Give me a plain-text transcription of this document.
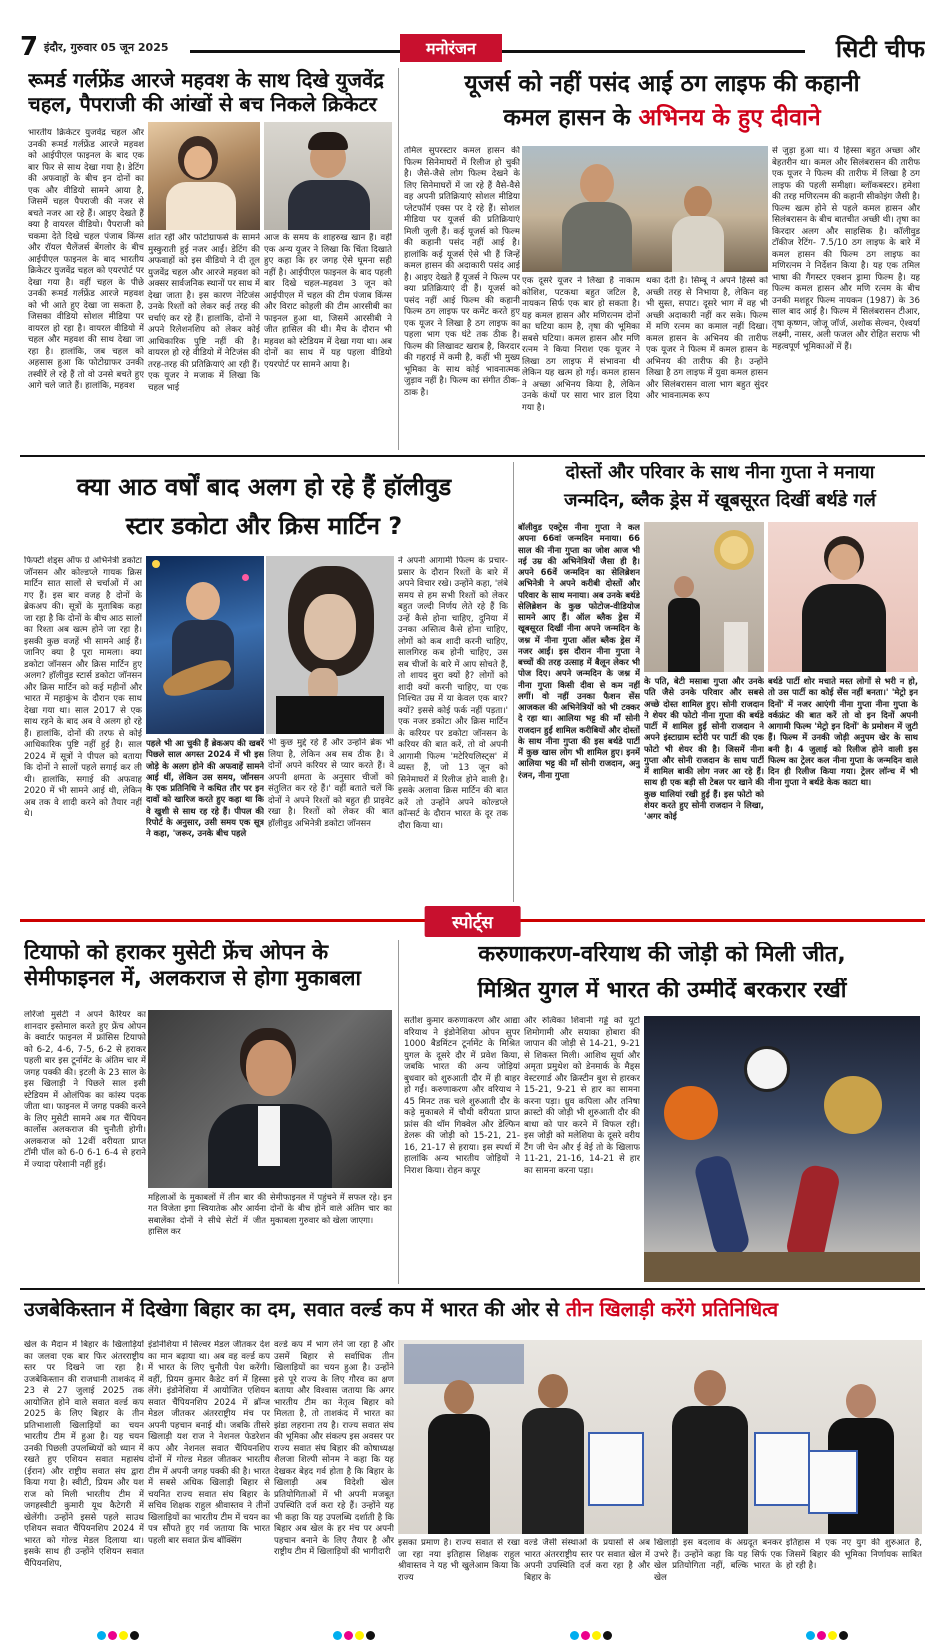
7 इंदौर, गुरुवार 05 जून 2025	मनोरंजन	सिटी चीफ
रूमर्ड गर्लफ्रेंड आरजे महवश के साथ दिखे युजवेंद्र चहल, पैपराजी की आंखों से बच निकले क्रिकेटर
भारतीय क्रिकेटर युजवेंद्र चहल और उनकी रूमर्ड गर्लफ्रेंड आरजे महवश को आईपीएल फाइनल के बाद एक बार फिर से साथ देखा गया है। डेटिंग की अफवाहों के बीच इन दोनों का एक और वीडियो सामने आया है, जिसमें चहल पैपराजी की नजर से बचते नजर आ रहे हैं। आइए देखते हैं क्या है वायरल वीडियो। पैपराजी को चकमा देते दिखे चहल पंजाब किंग्स और रॉयल चैलेंजर्स बेंगलोर के बीच आईपीएल फाइनल के बाद भारतीय क्रिकेटर युजवेंद्र चहल को एयरपोर्ट पर देखा गया है। वहीं चहल के पीछे उनकी रूमर्ड गर्लफ्रेंड आरजे महवश को भी आते हुए देखा जा सकता है, जिसका वीडियो सोशल मीडिया पर वायरल हो रहा है। वायरल वीडियो में चहल और महवश की साथ देखा जा रहा है। हालांकि, जब चहल को अहसास हुआ कि फोटोग्राफर उनकी तस्वीरें ले रहे हैं तो वो उनसे बचते हुए आगे चले जाते हैं। हालांकि, महवश
शांत रहीं और फोटोग्राफर्स के सामने मुस्कुराती हुई नजर आईं। डेटिंग की अफवाहों को इस वीडियो ने दी तूल युजवेंद्र चहल और आरजे महवश को अक्सर सार्वजनिक स्थानों पर साथ में देखा जाता है। इस कारण नेटिजंस उनके रिश्तों को लेकर कई तरह की चर्चाएं कर रहे हैं। हालांकि, दोनों ने अपने रिलेशनशिप को लेकर कोई आधिकारिक पुष्टि नहीं की है। वायरल हो रहे वीडियो में नेटिजंस की तरह-तरह की प्रतिक्रियाएं आ रही हैं। एक यूजर ने मजाक में लिखा कि चहल भाई
आज के समय के शाहरुख खान हैं। वहीं एक अन्य यूजर ने लिखा कि चिंता दिखाते हुए कहा कि हर जगह ऐसे घूमना सही नहीं है। आईपीएल फाइनल के बाद पहली बार दिखे चहल-महवश 3 जून को आईपीएल में चहल की टीम पंजाब किंग्स और विराट कोहली की टीम आरसीबी का फाइनल हुआ था, जिसमें आरसीबी ने जीत हासिल की थी। मैच के दौरान भी महवश को स्टेडियम में देखा गया था। अब दोनों का साथ में यह पहला वीडियो एयरपोर्ट पर सामने आया है।
यूजर्स को नहीं पसंद आई ठग लाइफ की कहानी
कमल हासन के अभिनय के हुए दीवाने
तमिल सुपरस्टार कमल हासन की फिल्म सिनेमाघरों में रिलीज हो चुकी है। जैसे-जैसे लोग फिल्म देखने के लिए सिनेमाघरों में जा रहे हैं वैसे-वैसे वह अपनी प्रतिक्रियाएं सोशल मीडिया प्लेटफॉर्म एक्स पर दे रहे हैं। सोशल मीडिया पर यूजर्स की प्रतिक्रियाएं मिली जुली हैं। कई यूजर्स को फिल्म की कहानी पसंद नहीं आई है। हालांकि कई यूजर्स ऐसे भी हैं जिन्हें कमल हासन की अदाकारी पसंद आई है। आइए देखते हैं यूजर्स ने फिल्म पर क्या प्रतिक्रियाएं दी हैं। यूजर्स को पसंद नहीं आई फिल्म की कहानी फिल्म ठग लाइफ पर कमेंट करते हुए एक यूजर ने लिखा है ठग लाइफ का पहला भाग एक घंटे तक ठीक है। फिल्म की लिखावट खराब है, किरदार की गहराई में कमी है, कहीं भी मुख्य भूमिका के साथ कोई भावनात्मक जुड़ाव नहीं है। फिल्म का संगीत ठीक-ठाक है।
एक दूसरे यूजर ने लिखा है नाकाम कोशिश, पटकथा बहुत जटिल है, नायकन सिर्फ एक बार हो सकता है। यह कमल हासन और मणिरत्नम दोनों का घटिया काम है, तृषा की भूमिका सबसे घटिया। कमल हासन और मणि रत्नम ने किया निराश एक यूजर ने लिखा ठग लाइफ में संभावना थी लेकिन यह खत्म हो गई। कमल हासन ने अच्छा अभिनय किया है, लेकिन उनके कंधों पर सारा भार डाल दिया गया है।
थका देती है। सिम्बू ने अपने हिस्से को अच्छी तरह से निभाया है, लेकिन वह भी सुस्त, सपाट। दूसरे भाग में वह भी अच्छी अदाकारी नहीं कर सके। फिल्म में मणि रत्नम का कमाल नहीं दिखा। कमल हासन के अभिनय की तारीफ एक यूजर ने फिल्म में कमल हासन के अभिनय की तारीफ की है। उन्होंने लिखा है ठग लाइफ में युवा कमल हासन और सिलंबरासन वाला भाग बहुत सुंदर और भावनात्मक रूप
से जुड़ा हुआ था। ये हिस्सा बहुत अच्छा और बेहतरीन था। कमल और सिलंबरासन की तारीफ एक यूजर ने फिल्म की तारीफ में लिखा है ठग लाइफ की पहली समीक्षा। ब्लॉकबस्टर। हमेशा की तरह मणिरत्नम की कहानी सीकोइंग जैसी है। फिल्म खत्म होने से पहले कमल हासन और सिलंबरासन के बीच बातचीत अच्छी थी। तृषा का किरदार अलग और साहसिक है। कॉलीवुड टॉकीज रेटिंग- 7.5/10 ठग लाइफ के बारे में कमल हासन की फिल्म ठग लाइफ का मणिरत्नम ने निर्देशन किया है। यह एक तमिल भाषा की गैंगस्टर एक्शन ड्रामा फिल्म है। यह फिल्म कमल हासन और मणि रत्नम के बीच उनकी मशहूर फिल्म नायकन (1987) के 36 साल बाद आई है। फिल्म में सिलंबरासन टीआर, तृषा कृष्णन, जोजू जॉर्ज, अशोक सेल्वन, ऐश्वर्या लक्ष्मी, नासर, अली फजल और रोहित सराफ भी महत्वपूर्ण भूमिकाओं में हैं।
क्या आठ वर्षों बाद अलग हो रहे हैं हॉलीवुड
स्टार डकोटा और क्रिस मार्टिन ?
फिफ्टी शेड्स ऑफ ग्रे अभिनेत्री डकोटा जॉनसन और कोल्डप्ले गायक क्रिस मार्टिन सात सालों से चर्चाओं में आ गए हैं। इस बार वजह है दोनों के ब्रेकअप की। सूत्रों के मुताबिक कहा जा रहा है कि दोनों के बीच आठ सालों का रिश्ता अब खत्म होने जा रहा है। इसकी कुछ वजहें भी सामने आई हैं। जानिए क्या है पूरा मामला। क्या डकोटा जॉनसन और क्रिस मार्टिन हुए अलग? हॉलीवुड स्टार्स डकोटा जॉनसन और क्रिस मार्टिन को कई महीनों और भारत में महाकुंभ के दौरान एक साथ देखा गया था। साल 2017 से एक साथ रहने के बाद अब वे अलग हो रहे हैं। हालांकि, दोनों की तरफ से कोई आधिकारिक पुष्टि नहीं हुई है। साल 2024 में सूत्रों ने पीपल को बताया कि दोनों ने सालों पहले सगाई कर ली थी। हालांकि, सगाई की अफवाह 2020 में भी सामने आई थी, लेकिन अब तक वे शादी करने को तैयार नहीं थे।
पहले भी आ चुकी हैं ब्रेकअप की खबरें पिछले साल अगस्त 2024 में भी इस जोड़े के अलग होने की अफवाहें सामने आई थीं, लेकिन उस समय, जॉनसन के एक प्रतिनिधि ने कथित तौर पर इन दावों को खारिज करते हुए कहा था कि वे खुशी से साथ रह रहे हैं। पीपल की रिपोर्ट के अनुसार, उसी समय एक सूत्र ने कहा, 'जरूर, उनके बीच पहले
भी कुछ मुद्दे रहे हैं और उन्होंने ब्रेक भी लिया है, लेकिन अब सब ठीक है। वे दोनों अपने करियर से प्यार करते हैं। वे अपनी क्षमता के अनुसार चीजों को संतुलित कर रहे हैं।' वहीं बताते चलें कि दोनों ने अपने रिश्तों को बहुत ही प्राइवेट रखा है। रिश्तों को लेकर की बात हॉलीवुड अभिनेत्री डकोटा जॉनसन
ने अपनी आगामी फिल्म के प्रचार-प्रसार के दौरान रिश्तों के बारे में अपने विचार रखे। उन्होंने कहा, 'लंबे समय से हम सभी रिश्तों को लेकर बहुत जल्दी निर्णय लेते रहे हैं कि उन्हें कैसे होना चाहिए, दुनिया में उनका अस्तित्व कैसे होना चाहिए, लोगों को कब शादी करनी चाहिए, सालगिरह कब होनी चाहिए, उस सब चीजों के बारे में आप सोचते हैं, तो शायद बुरा क्यों है? लोगों को शादी क्यों करनी चाहिए, या एक निश्चित उम्र में या केवल एक बार? क्यों? इससे कोई फर्क नहीं पड़ता।' एक नजर डकोटा और क्रिस मार्टिन के करियर पर डकोटा जॉनसन के करियर की बात करें, तो वो अपनी आगामी फिल्म 'मटेरियलिस्ट्स' में व्यस्त हैं, जो 13 जून को सिनेमाघरों में रिलीज होने वाली है। इसके अलावा क्रिस मार्टिन की बात करें तो उन्होंने अपने कोल्डप्ले कॉन्सर्ट के दौरान भारत के दूर तक दौरा किया था।
दोस्तों और परिवार के साथ नीना गुप्ता ने मनाया
जन्मदिन, ब्लैक ड्रेस में खूबसूरत दिखीं बर्थडे गर्ल
बॉलीवुड एक्ट्रेस नीना गुप्ता ने कल अपना 66वां जन्मदिन मनाया। 66 साल की नीना गुप्ता का जोश आज भी नई उम्र की अभिनेत्रियों जैसा ही है। अपने 66वें जन्मदिन का सेलिब्रेशन अभिनेत्री ने अपने करीबी दोस्तों और परिवार के साथ मनाया। अब उनके बर्थडे सेलिब्रेशन के कुछ फोटोज-वीडियोज सामने आए हैं। ऑल ब्लैक ड्रेस में खूबसूरत दिखीं नीना अपने जन्मदिन के जश्न में नीना गुप्ता ऑल ब्लैक ड्रेस में नजर आईं। इस दौरान नीना गुप्ता ने बच्चों की तरह उत्साह में बैलून लेकर भी पोज दिए। अपने जन्मदिन के जश्न में नीना गुप्ता किसी दीवा से कम नहीं लगीं। वो नहीं उनका फैशन सेंस आजकल की अभिनेत्रियों को भी टक्कर दे रहा था। आलिया भट्ट की माँ सोनी राजदान हुईं शामिल करीबियों और दोस्तों के साथ नीना गुप्ता की इस बर्थडे पार्टी में कुछ खास लोग भी शामिल हुए। इनमें आलिया भट्ट की माँ सोनी राजदान, अनु रंजन, नीना गुप्ता
के पति, बेटी मसाबा गुप्ता और उनके पति जैसे उनके परिवार और सबसे अच्छे दोस्त शामिल हुए। सोनी राजदान ने शेयर की फोटो नीना गुप्ता की बर्थडे पार्टी में शामिल हुईं सोनी राजदान ने अपने इंस्टाग्राम स्टोरी पर पार्टी की एक फोटो भी शेयर की है। जिसमें नीना गुप्ता और सोनी राजदान के साथ पार्टी में शामिल बाकी लोग नजर आ रहे हैं। साथ ही एक बड़ी सी टेबल पर खाने की कुछ थालियां रखी हुई हैं। इस फोटो को शेयर करते हुए सोनी राजदान ने लिखा, 'अगर कोई
बर्थडे पार्टी शोर मचाते मस्त लोगों से भरी न हो, तो उस पार्टी का कोई सेंस नहीं बनता।' 'मेट्रो इन दिनों' में नजर आएंगी नीना गुप्ता नीना गुप्ता के वर्कफ्रंट की बात करें तो वो इन दिनों अपनी आगामी फिल्म 'मेट्रो इन दिनों' के प्रमोशन में जुटी हैं। फिल्म में उनकी जोड़ी अनुपम खेर के साथ बनी है। 4 जुलाई को रिलीज होने वाली इस फिल्म का ट्रेलर कल नीना गुप्ता के जन्मदिन वाले दिन ही रिलीज किया गया। ट्रेलर लॉन्च में भी नीना गुप्ता ने बर्थडे केक काटा था।
स्पोर्ट्स
टियाफो को हराकर मुसेटी फ्रेंच ओपन के सेमीफाइनल में, अलकराज से होगा मुकाबला
लोरेंजो मुसेटी ने अपने कैरियर का शानदार इस्तेमाल करते हुए फ्रेंच ओपन के क्वार्टर फाइनल में फ्रांसिस टियाफो को 6-2, 4-6, 7-5, 6-2 से हराकर पहली बार इस टूर्नामेंट के अंतिम चार में जगह पक्की की। इटली के 23 साल के इस खिलाड़ी ने पिछले साल इसी स्टेडियम में ओलंपिक का कांस्य पदक जीता था। फाइनल में जगह पक्की करने के लिए मुसेटी सामने अब गत चैंपियन कार्लोस अलकराज की चुनौती होगी। अलकराज को 12वीं वरीयता प्राप्त टॉमी पॉल को 6-0 6-1 6-4 से हराने में ज्यादा परेशानी नहीं हुई।
महिलाओं के मुकाबलों में तीन बार की गत विजेता इगा स्वियातेक और आर्यना सबालेंका दोनों ने सीधे सेटों में जीत हासिल कर
सेमीफाइनल में पहुंचने में सफल रहे। इन दोनों के बीच होने वाले अंतिम चार का मुकाबला गुरुवार को खेला जाएगा।
करुणाकरण-वरियाथ की जोड़ी को मिली जीत,
मिश्रित युगल में भारत की उम्मीदें बरकरार रखीं
सतीश कुमार करुणाकरण और आद्या वरियाथ ने इंडोनेशिया ओपन सुपर 1000 बैडमिंटन टूर्नामेंट के मिश्रित युगल के दूसरे दौर में प्रवेश किया, जबकि भारत की अन्य जोड़ियां बुधवार को शुरुआती दौर में ही बाहर हो गईं। करुणाकरण और वरियाथ ने 45 मिनट तक चले शुरुआती दौर के कड़े मुकाबले में चौथी वरीयता प्राप्त फ्रांस की थॉम गिक्वेल और डेल्फिन डेलरू की जोड़ी को 15-21, 21-16, 21-17 से हराया। इस स्पर्धा में हालांकि अन्य भारतीय जोड़ियों ने निराश किया। रोहन कपूर
और रुत्विका शिवानी गड्डे को यूटो शिमोगामी और सयाका होबारा की जापान की जोड़ी से 14-21, 9-21 से शिकस्त मिली। आशिथ सूर्या और अमृता प्रमुथेश को डेनमार्क के मैड्स वेस्टरगार्ड और क्रिस्टीन बुश से हारकर 15-21, 9-21 से हार का सामना करना पड़ा। ध्रुव कपिला और तनिषा क्रास्टो की जोड़ी भी शुरुआती दौर की बाधा को पार करने में विफल रही। इस जोड़ी को मलेशिया के दूसरे वरीय टैंग जी चेन और ई वेई तो के खिलाफ 11-21, 21-16, 14-21 से हार का सामना करना पड़ा।
उजबेकिस्तान में दिखेगा बिहार का दम, सवात वर्ल्ड कप में भारत की ओर से तीन खिलाड़ी करेंगे प्रतिनिधित्व
खेल के मैदान में बिहार के खिलाड़ियों का जलवा एक बार फिर अंतरराष्ट्रीय स्तर पर दिखने जा रहा है। उजबेकिस्तान की राजधानी ताशकंद में 23 से 27 जुलाई 2025 तक आयोजित होने वाले सवात वर्ल्ड कप 2025 के लिए बिहार के तीन प्रतिभाशाली खिलाड़ियों का चयन भारतीय टीम में हुआ है। यह चयन उनकी पिछली उपलब्धियों को ध्यान में रखते हुए एशियन सवात महासंघ (ईरान) और राष्ट्रीय सवात संघ द्वारा किया गया है। स्वीटी, प्रियम और यश राज को मिली भारतीय टीम में जगहस्वीटी कुमारी यूथ कैटेगरी में खेलेंगी। उन्होंने इससे पहले साउथ एशियन सवात चैंपियनशिप 2024 में भारत को गोल्ड मेडल दिलाया था। इसके साथ ही उन्होंने एशियन सवात चैंपियनशिप,
इंडोनेशिया में सिल्वर मेडल जीतकर देश का मान बढ़ाया था। अब वह वर्ल्ड कप में भारत के लिए चुनौती पेश करेंगी। वहीं, प्रियम कुमार कैडेट वर्ग में हिस्सा लेंगे। इंडोनेशिया में आयोजित एशियन सवात चैंपियनशिप 2024 में ब्रॉन्ज मेडल जीतकर अंतरराष्ट्रीय मंच पर अपनी पहचान बनाई थी। जबकि तीसरे खिलाड़ी यश राज ने नेशनल फेडरेशन कप और नेशनल सवात चैंपियनशिप दोनों में गोल्ड मेडल जीतकर भारतीय टीम में अपनी जगह पक्की की है। भारत में सबसे अधिक खिलाड़ी बिहार से चयनित राज्य सवात संघ बिहार के सचिव शिक्षक राहुल श्रीवास्तव ने तीनों खिलाड़ियों का भारतीय टीम में चयन का पत्र सौंपते हुए गर्व जताया कि भारत पहली बार सवात फ्रेंच बॉक्सिंग
वर्ल्ड कप में भाग लेने जा रहा है और उसमें बिहार से सर्वाधिक तीन खिलाड़ियों का चयन हुआ है। उन्होंने इसे पूरे राज्य के लिए गौरव का क्षण बताया और विश्वास जताया कि अगर भारतीय टीम का नेतृत्व बिहार को मिलता है, तो ताशकंद में भारत का झंडा लहराना तय है। राज्य सवात संघ की भूमिका और संकल्प इस अवसर पर राज्य सवात संघ बिहार की कोषाध्यक्ष शैलजा शिल्पी सोनम ने कहा कि यह देखकर बेहद गर्व होता है कि बिहार के खिलाड़ी अब विदेशी खेल प्रतियोगिताओं में भी अपनी मजबूत उपस्थिति दर्ज करा रहे हैं। उन्होंने यह भी कहा कि यह उपलब्धि दर्शाती है कि बिहार अब खेल के हर मंच पर अपनी पहचान बनाने के लिए तैयार है और राष्ट्रीय टीम में खिलाड़ियों की भागीदारी
इसका प्रमाण है। राज्य सवात से रखा जा रहा नया इतिहास शिक्षक राहुल श्रीवास्तव ने यह भी खुलेआम किया कि राज्य
वर्ल्ड जैसी संस्थाओं के प्रयासों से अब भारत अंतरराष्ट्रीय स्तर पर सवात खेल में अपनी उपस्थिति दर्ज करा रहा है और बिहार के
खिलाड़ी इस बदलाव के अग्रदूत बनकर उभरे हैं। उन्होंने कहा कि यह सिर्फ एक खेल प्रतियोगिता नहीं, बल्कि भारत के खेल
इतिहास में एक नए युग की शुरुआत है, जिसमें बिहार की भूमिका निर्णायक साबित हो रही है।
